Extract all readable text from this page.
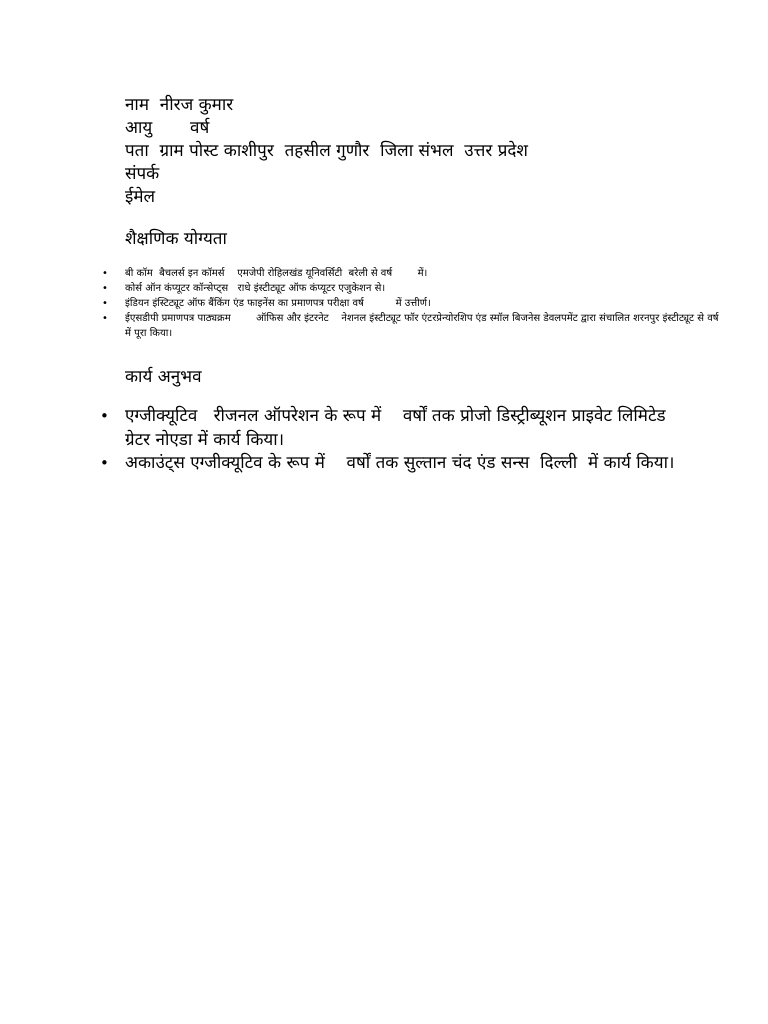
नाम  नीरज कुमार
आयु       वर्ष
पता  ग्राम पोस्ट काशीपुर  तहसील गुणौर  जिला संभल  उत्तर प्रदेश
संपर्क
ईमेल
शैक्षणिक योग्यता
• बी कॉम  बैचलर्स इन कॉमर्स    एमजेपी रोहिलखंड यूनिवर्सिटी  बरेली से वर्ष        में।
• कोर्स ऑन कंप्यूटर कॉन्सेप्ट्स   राधे इंस्टीट्यूट ऑफ कंप्यूटर एजुकेशन से।
• इंडियन इंस्टिट्यूट ऑफ बैंकिंग एंड फाइनेंस का प्रमाणपत्र परीक्षा वर्ष          में उत्तीर्ण।
• ईएसडीपी प्रमाणपत्र पाठ्यक्रम        ऑफिस और इंटरनेट    नेशनल इंस्टीट्यूट फॉर एंटरप्रेन्योरशिप एंड स्मॉल बिजनेस डेवलपमेंट द्वारा संचालित शरनपुर इंस्टीट्यूट से वर्ष         में पूरा किया।
कार्य अनुभव
• एग्जीक्यूटिव   रीजनल ऑपरेशन के रूप में    वर्षों तक प्रोजो डिस्ट्रीब्यूशन प्राइवेट लिमिटेड  ग्रेटर नोएडा में कार्य किया।
• अकाउंट्स एग्जीक्यूटिव के रूप में    वर्षों तक सुल्तान चंद एंड सन्स  दिल्ली  में कार्य किया।
